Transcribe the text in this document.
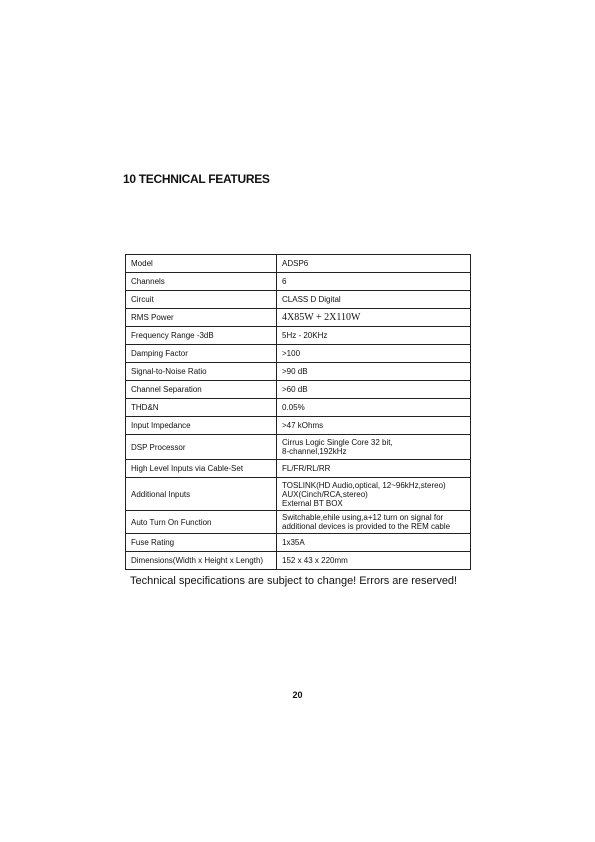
10 TECHNICAL FEATURES
Model	ADSP6
Channels	6
Circuit	CLASS D Digital
RMS Power	4X85W + 2X110W
Frequency Range -3dB	5Hz - 20KHz
Damping Factor	>100
Signal-to-Noise Ratio	>90 dB
Channel Separation	>60 dB
THD&N	0.05%
Input Impedance	>47 kOhms
DSP Processor	Cirrus Logic Single Core 32 bit,
8-channel,192kHz
High Level Inputs via Cable-Set	FL/FR/RL/RR
Additional Inputs	TOSLINK(HD Audio,optical, 12~96kHz,stereo)
AUX(Cinch/RCA,stereo)
External BT BOX
Auto Turn On Function	Switchable,ehile using,a+12 turn on signal for
additional devices is provided to the REM cable
Fuse Rating	1x35A
Dimensions(Width x Height x Length)	152 x 43 x 220mm

Technical specifications are subject to change! Errors are reserved!

20
